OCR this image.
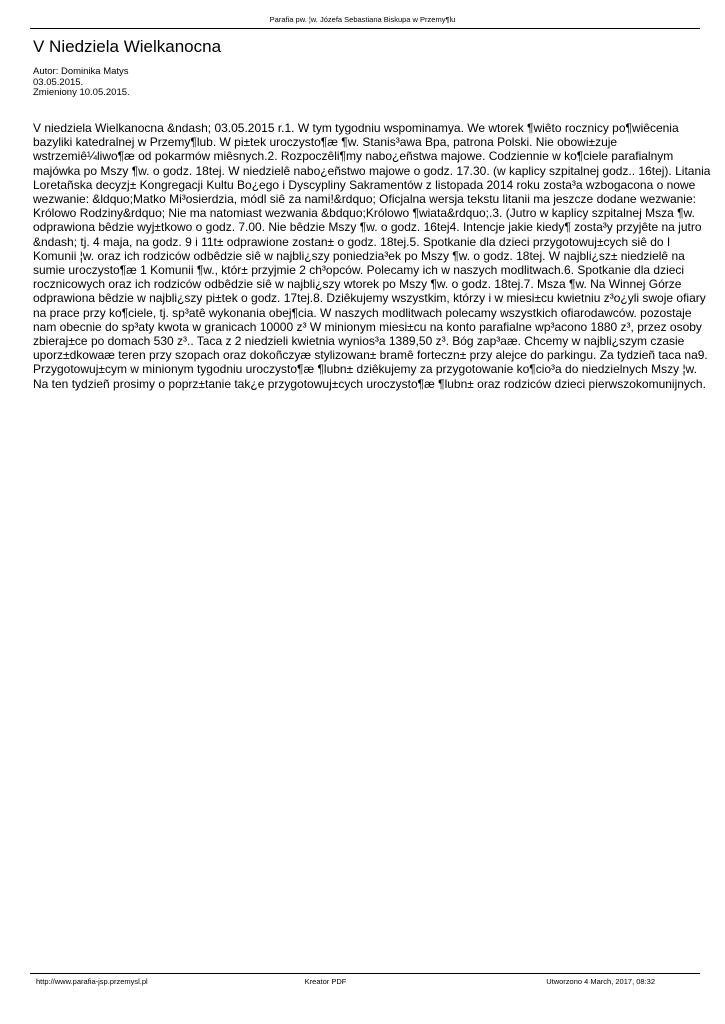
Parafia pw. ¦w. Józefa Sebastiana Biskupa w Przemy¶lu
V Niedziela Wielkanocna
Autor: Dominika Matys
03.05.2015.
Zmieniony 10.05.2015.

V niedziela Wielkanocna &ndash; 03.05.2015 r.1. W tym tygodniu wspominamya. We wtorek ¶wiêto rocznicy po¶wiêcenia bazyliki katedralnej w Przemy¶lub. W pi±tek uroczysto¶æ ¶w. Stanis³awa Bpa, patrona Polski. Nie obowi±zuje wstrzemiê¼liwo¶æ od pokarmów miêsnych.2. Rozpoczêli¶my nabo¿eñstwa majowe. Codziennie w ko¶ciele parafialnym majówka po Mszy ¶w. o godz. 18tej. W niedzielê nabo¿eñstwo majowe o godz. 17.30. (w kaplicy szpitalnej godz.. 16tej). Litania Loretañska decyzj± Kongregacji Kultu Bo¿ego i Dyscypliny Sakramentów z listopada 2014 roku zosta³a wzbogacona o nowe wezwanie: &ldquo;Matko Mi³osierdzia, módl siê za nami!&rdquo; Oficjalna wersja tekstu litanii ma jeszcze dodane wezwanie: Królowo Rodziny&rdquo; Nie ma natomiast wezwania &bdquo;Królowo ¶wiata&rdquo;.3. (Jutro w kaplicy szpitalnej Msza ¶w. odprawiona bêdzie wyj±tkowo o godz. 7.00. Nie bêdzie Mszy ¶w. o godz. 16tej4. Intencje jakie kiedy¶ zosta³y przyjête na jutro &ndash; tj. 4 maja, na godz. 9 i 11t± odprawione zostan± o godz. 18tej.5. Spotkanie dla dzieci przygotowuj±cych siê do I Komunii ¦w. oraz ich rodziców odbêdzie siê w najbli¿szy poniedzia³ek po Mszy ¶w. o godz. 18tej. W najbli¿sz± niedzielê na sumie uroczysto¶æ 1 Komunii ¶w., któr± przyjmie 2 ch³opców. Polecamy ich w naszych modlitwach.6. Spotkanie dla dzieci rocznicowych oraz ich rodziców odbêdzie siê w najbli¿szy wtorek po Mszy ¶w. o godz. 18tej.7. Msza ¶w. Na Winnej Górze odprawiona bêdzie w najbli¿szy pi±tek o godz. 17tej.8. Dziêkujemy wszystkim, którzy i w miesi±cu kwietniu z³o¿yli swoje ofiary na prace przy ko¶ciele, tj. sp³atê wykonania obej¶cia. W naszych modlitwach polecamy wszystkich ofiarodawców. pozostaje nam obecnie do sp³aty kwota w granicach 10000 z³ W minionym miesi±cu na konto parafialne wp³acono 1880 z³, przez osoby zbieraj±ce po domach 530 z³.. Taca z 2 niedzieli kwietnia wynios³a 1389,50 z³. Bóg zap³aæ. Chcemy w najbli¿szym czasie uporz±dkowaæ teren przy szopach oraz dokoñczyæ stylizowan± bramê forteczn± przy alejce do parkingu. Za tydzieñ taca na9. Przygotowuj±cym w minionym tygodniu uroczysto¶æ ¶lubn± dziêkujemy za przygotowanie ko¶cio³a do niedzielnych Mszy ¦w. Na ten tydzieñ prosimy o poprz±tanie tak¿e przygotowuj±cych uroczysto¶æ ¶lubn± oraz rodziców dzieci pierwszokomunijnych.

http://www.parafia-jsp.przemysl.pl	Kreator PDF	Utworzono 4 March, 2017, 08:32
